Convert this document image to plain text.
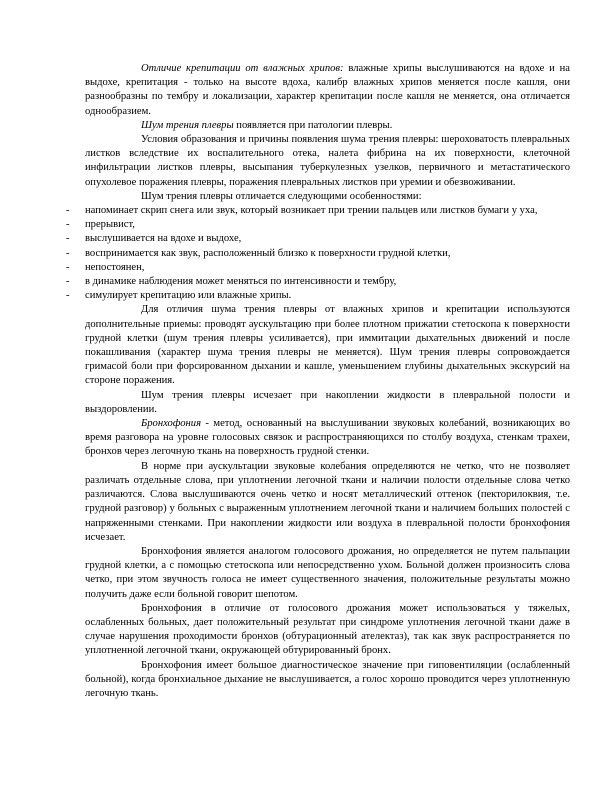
Отличие крепитации от влажных хрипов: влажные хрипы выслушиваются на вдохе и на выдохе, крепитация - только на высоте вдоха, калибр влажных хрипов меняется после кашля, они разнообразны по тембру и локализации, характер крепитации после кашля не меняется, она отличается однообразием.

Шум трения плевры появляется при патологии плевры.

Условия образования и причины появления шума трения плевры: шероховатость плевральных листков вследствие их воспалительного отека, налета фибрина на их поверхности, клеточной инфильтрации листков плевры, высыпания туберкулезных узелков, первичного и метастатического опухолевое поражения плевры, поражения плевральных листков при уремии и обезвоживании.

Шум трения плевры отличается следующими особенностями:

- напоминает скрип снега или звук, который возникает при трении пальцев или листков бумаги у уха,
- прерывист,
- выслушивается на вдохе и выдохе,
- воспринимается как звук, расположенный близко к поверхности грудной клетки,
- непостоянен,
- в динамике наблюдения может меняться по интенсивности и тембру,
- симулирует крепитацию или влажные хрипы.

Для отличия шума трения плевры от влажных хрипов и крепитации используются дополнительные приемы: проводят аускультацию при более плотном прижатии стетоскопа к поверхности грудной клетки (шум трения плевры усиливается), при иммитации дыхательных движений и после покашливания (характер шума трения плевры не меняется). Шум трения плевры сопровождается гримасой боли при форсированном дыхании и кашле, уменьшением глубины дыхательных экскурсий на стороне поражения.

Шум трения плевры исчезает при накоплении жидкости в плевральной полости и выздоровлении.

Бронхофония - метод, основанный на выслушивании звуковых колебаний, возникающих во время разговора на уровне голосовых связок и распространяющихся по столбу воздуха, стенкам трахеи, бронхов через легочную ткань на поверхность грудной стенки.

В норме при аускультации звуковые колебания определяются не четко, что не позволяет различать отдельные слова, при уплотнении легочной ткани и наличии полости отдельные слова четко различаются. Слова выслушиваются очень четко и носят металлический оттенок (пекторилоквия, т.е. грудной разговор) у больных с выраженным уплотнением легочной ткани и наличием больших полостей с напряженными стенками. При накоплении жидкости или воздуха в плевральной полости бронхофония исчезает.

Бронхофония является аналогом голосового дрожания, но определяется не путем пальпации грудной клетки, а с помощью стетоскопа или непосредственно ухом. Больной должен произносить слова четко, при этом звучность голоса не имеет существенного значения, положительные результаты можно получить даже если больной говорит шепотом.

Бронхофония в отличие от голосового дрожания может использоваться у тяжелых, ослабленных больных, дает положительный результат при синдроме уплотнения легочной ткани даже в случае нарушения проходимости бронхов (обтурационный ателектаз), так как звук распространяется по уплотненной легочной ткани, окружающей обтурированный бронх.

Бронхофония имеет большое диагностическое значение при гиповентиляции (ослабленный больной), когда бронхиальное дыхание не выслушивается, а голос хорошо проводится через уплотненную легочную ткань.
